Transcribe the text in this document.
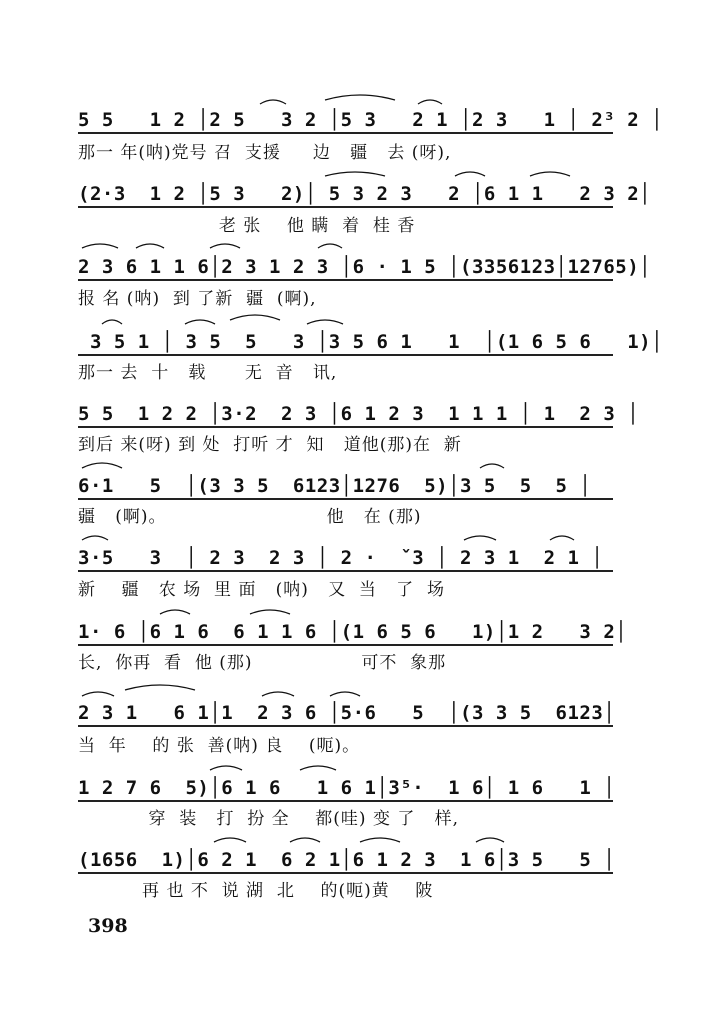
5 5   1 2 │2 5   3 2 │5 3   2 1 │2 3   1 │ 2³ 2 │
那一 年(呐)党号 召  支援     边   疆   去 (呀),
(2·3  1 2 │5 3   2)│ 5 3 2 3   2 │6 1 1   2 3 2│
老 张    他 瞒  着  桂 香
2 3 6 1 1 6│2 3 1 2 3 │6 · 1 5 │(3356123│12765)│
报 名 (呐)  到 了新  疆  (啊),
3 5 1 │ 3 5  5   3 │3 5 6 1   1  │(1 6 5 6   1)│
那一 去  十   载      无  音   讯,
5 5  1 2 2 │3·2  2 3 │6 1 2 3  1 1 1 │ 1  2 3 │
到后 来(呀) 到 处  打听 才  知   道他(那)在  新
6·1   5  │(3 3 5  6123│1276  5)│3 5  5  5 │
疆   (啊)。                         他   在 (那)
3·5   3  │ 2 3  2 3 │ 2 ·  ˇ3 │ 2 3 1  2 1 │
新    疆   农 场  里 面   (呐)   又  当   了  场
1· 6 │6 1 6  6 1 1 6 │(1 6 5 6   1)│1 2   3 2│
长,  你再  看  他 (那)                 可不  象那
2 3 1   6 1│1  2 3 6 │5·6   5  │(3 3 5  6123│
当  年    的 张  善(呐) 良    (呃)。
1 2 7 6  5)│6 1 6   1 6 1│3⁵·  1 6│ 1 6   1 │
穿  装   打  扮 全    都(哇) 变 了   样,
(1656  1)│6 2 1  6 2 1│6 1 2 3  1 6│3 5   5 │
再 也 不  说 湖  北    的(呃)黄    陂
398
